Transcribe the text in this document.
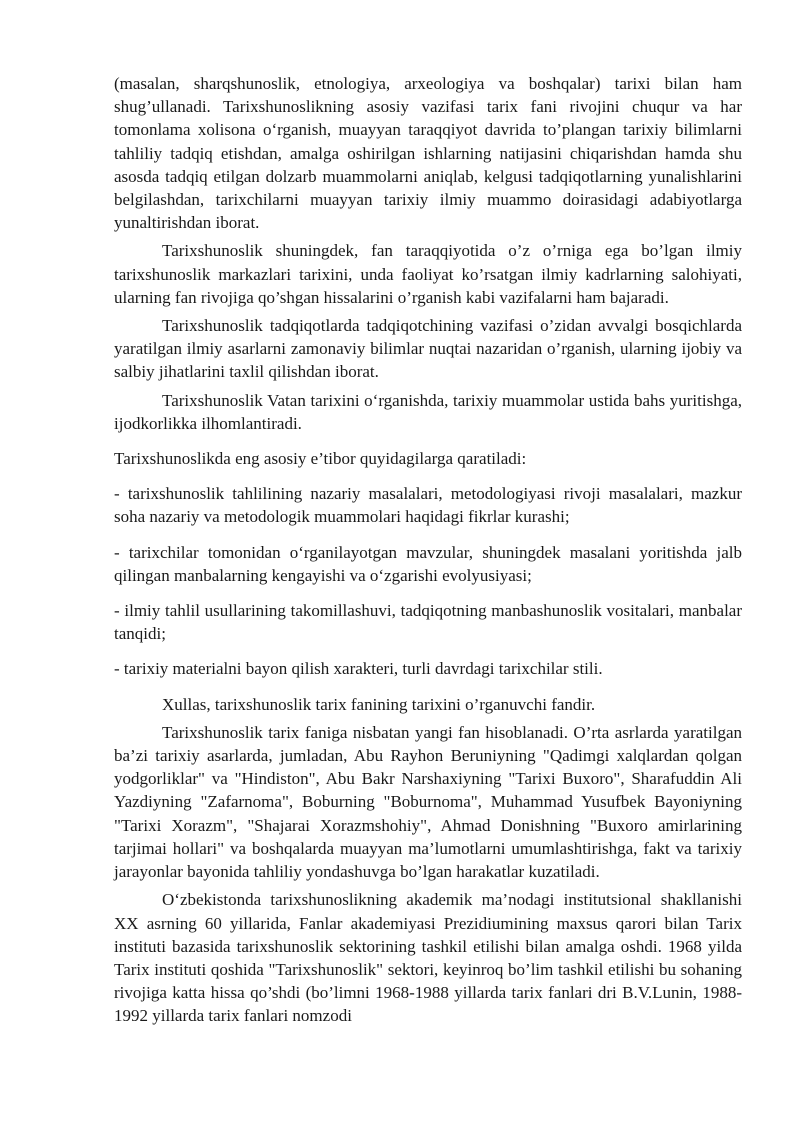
(masalan, sharqshunoslik, etnologiya, arxeologiya va boshqalar) tarixi bilan ham shug’ullanadi. Tarixshunoslikning asosiy vazifasi tarix fani rivojini chuqur va har tomonlama xolisona oʻrganish, muayyan taraqqiyot davrida to’plangan tarixiy bilimlarni tahliliy tadqiq etishdan, amalga oshirilgan ishlarning natijasini chiqarishdan hamda shu asosda tadqiq etilgan dolzarb muammolarni aniqlab, kelgusi tadqiqotlarning yunalishlarini belgilashdan, tarixchilarni muayyan tarixiy ilmiy muammo doirasidagi adabiyotlarga yunaltirishdan iborat.

Tarixshunoslik shuningdek, fan taraqqiyotida o’z o’rniga ega bo’lgan ilmiy tarixshunoslik markazlari tarixini, unda faoliyat ko’rsatgan ilmiy kadrlarning salohiyati, ularning fan rivojiga qo’shgan hissalarini o’rganish kabi vazifalarni ham bajaradi.

Tarixshunoslik tadqiqotlarda tadqiqotchining vazifasi o’zidan avvalgi bosqichlarda yaratilgan ilmiy asarlarni zamonaviy bilimlar nuqtai nazaridan o’rganish, ularning ijobiy va salbiy jihatlarini taxlil qilishdan iborat.

Tarixshunoslik Vatan tarixini oʻrganishda, tarixiy muammolar ustida bahs yuritishga, ijodkorlikka ilhomlantiradi.

Tarixshunoslikda eng asosiy e’tibor quyidagilarga qaratiladi:

- tarixshunoslik tahlilining nazariy masalalari, metodologiyasi rivoji masalalari, mazkur soha nazariy va metodologik muammolari haqidagi fikrlar kurashi;

- tarixchilar tomonidan oʻrganilayotgan mavzular, shuningdek masalani yoritishda jalb qilingan manbalarning kengayishi va oʻzgarishi evolyusiyasi;

- ilmiy tahlil usullarining takomillashuvi, tadqiqotning manbashunoslik vositalari, manbalar tanqidi;

- tarixiy materialni bayon qilish xarakteri, turli davrdagi tarixchilar stili.

Xullas, tarixshunoslik tarix fanining tarixini o’rganuvchi fandir.

Tarixshunoslik tarix faniga nisbatan yangi fan hisoblanadi. O’rta asrlarda yaratilgan ba’zi tarixiy asarlarda, jumladan, Abu Rayhon Beruniyning "Qadimgi xalqlardan qolgan yodgorliklar" va "Hindiston", Abu Bakr Narshaxiyning "Tarixi Buxoro", Sharafuddin Ali Yazdiyning "Zafarnoma", Boburning "Boburnoma", Muhammad Yusufbek Bayoniyning "Tarixi Xorazm", "Shajarai Xorazmshohiy", Ahmad Donishning "Buxoro amirlarining tarjimai hollari" va boshqalarda muayyan ma’lumotlarni umumlashtirishga, fakt va tarixiy jarayonlar bayonida tahliliy yondashuvga bo’lgan harakatlar kuzatiladi.

Oʻzbekistonda tarixshunoslikning akademik ma’nodagi institutsional shakllanishi XX asrning 60 yillarida, Fanlar akademiyasi Prezidiumining maxsus qarori bilan Tarix instituti bazasida tarixshunoslik sektorining tashkil etilishi bilan amalga oshdi. 1968 yilda Tarix instituti qoshida "Tarixshunoslik" sektori, keyinroq bo’lim tashkil etilishi bu sohaning rivojiga katta hissa qo’shdi (bo’limni 1968-1988 yillarda tarix fanlari dri B.V.Lunin, 1988-1992 yillarda tarix fanlari nomzodi
